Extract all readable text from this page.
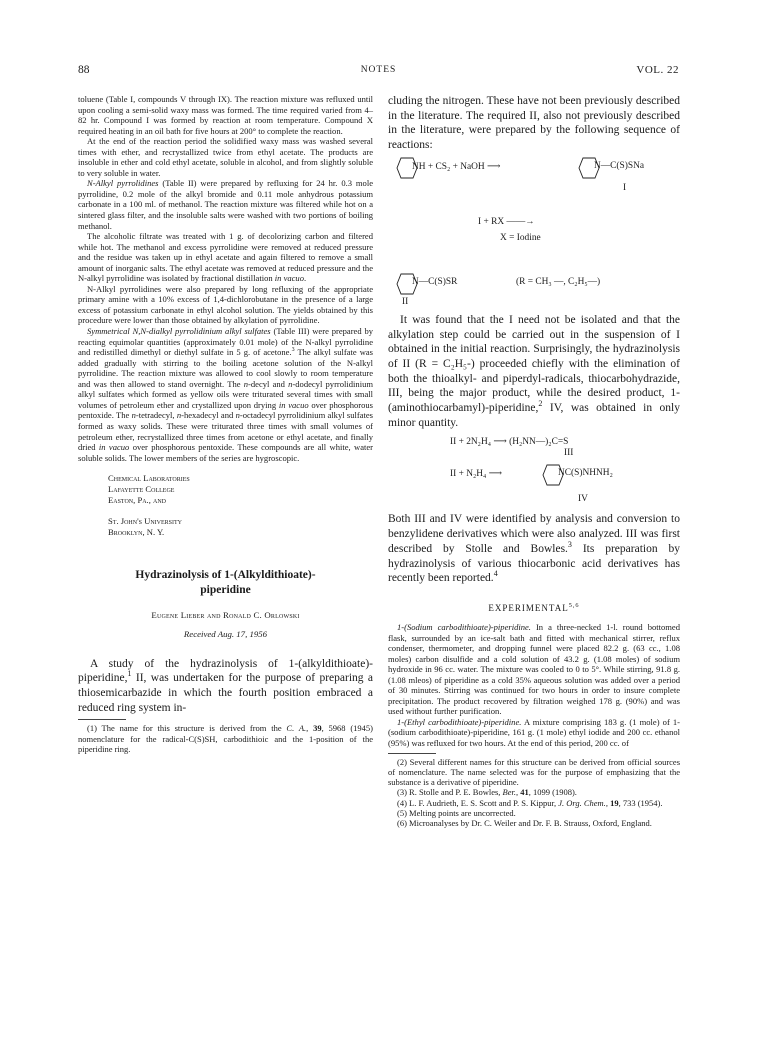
88	NOTES	VOL. 22

toluene (Table I, compounds V through IX). The reaction mixture was refluxed until upon cooling a semi-solid waxy mass was formed. The time required varied from 4–82 hr. Compound I was formed by reaction at room temperature. Compound X required heating in an oil bath for five hours at 200° to complete the reaction.

At the end of the reaction period the solidified waxy mass was washed several times with ether, and recrystallized twice from ethyl acetate. The products are insoluble in ether and cold ethyl acetate, soluble in alcohol, and from slightly soluble to very soluble in water.

N-Alkyl pyrrolidines (Table II) were prepared by refluxing for 24 hr. 0.3 mole pyrrolidine, 0.2 mole of the alkyl bromide and 0.11 mole anhydrous potassium carbonate in a 100 ml. of methanol. The reaction mixture was filtered while hot on a sintered glass filter, and the insoluble salts were washed with two portions of boiling methanol.

The alcoholic filtrate was treated with 1 g. of decolorizing carbon and filtered while hot. The methanol and excess pyrrolidine were removed at reduced pressure and the residue was taken up in ethyl acetate and again filtered to remove a small amount of inorganic salts. The ethyl acetate was removed at reduced pressure and the N-alkyl pyrrolidine was isolated by fractional distillation in vacuo.

N-Alkyl pyrrolidines were also prepared by long refluxing of the appropriate primary amine with a 10% excess of 1,4-dichlorobutane in the presence of a large excess of potassium carbonate in ethyl alcohol solution. The yields obtained by this procedure were lower than those obtained by alkylation of pyrrolidine.

Symmetrical N,N-dialkyl pyrrolidinium alkyl sulfates (Table III) were prepared by reacting equimolar quantities (approximately 0.01 mole) of the N-alkyl pyrrolidine and redistilled dimethyl or diethyl sulfate in 5 g. of acetone.$^3$ The alkyl sulfate was added gradually with stirring to the boiling acetone solution of the N-alkyl pyrrolidine. The reaction mixture was allowed to cool slowly to room temperature and was then allowed to stand overnight. The n-decyl and n-dodecyl pyrrolidinium alkyl sulfates which formed as yellow oils were triturated several times with small volumes of petroleum ether and crystallized upon drying in vacuo over phosphorous pentoxide. The n-tetradecyl, n-hexadecyl and n-octadecyl pyrrolidinium alkyl sulfates formed as waxy solids. These were triturated three times with small volumes of petroleum ether, recrystallized three times from acetone or ethyl acetate, and finally dried in vacuo over phosphorous pentoxide. These compounds are all white, water soluble solids. The lower members of the series are hygroscopic.

Chemical Laboratories
Lafayette College
Easton, Pa., and
St. John's University
Brooklyn, N. Y.
Hydrazinolysis of 1-(Alkyldithioate)-
piperidine
Eugene Lieber and Ronald C. Orlowski
Received Aug. 17, 1956

A study of the hydrazinolysis of 1-(alkyldithioate)-piperidine,$^1$ II, was undertaken for the purpose of preparing a thiosemicarbazide in which the fourth position embraced a reduced ring system in-

(1) The name for this structure is derived from the C. A., 39, 5968 (1945) nomenclature for the radical-C(S)SH, carbodithioic and the 1-position of the piperidine ring.

cluding the nitrogen. These have not been previously described in the literature. The required II, also not previously described in the literature, were prepared by the following sequence of reactions:

NH + CS₂ + NaOH ⟶	N—C(S)SNa
I
I + RX ——→
X = Iodine
N—C(S)SR	(R = CH₃ —, C₂H₅—)
II

It was found that the I need not be isolated and that the alkylation step could be carried out in the suspension of I obtained in the initial reaction. Surprisingly, the hydrazinolysis of II (R = C₂H₅-) proceeded chiefly with the elimination of both the thioalkyl- and piperdyl-radicals, thiocarbohydrazide, III, being the major product, while the desired product, 1-(aminothiocarbamyl)-piperidine,$^2$ IV, was obtained in only minor quantity.

II + 2N₂H₄ ⟶ (H₂NN—)₂C=S
III
II + N₂H₄ ⟶	NC(S)NHNH₂
IV

Both III and IV were identified by analysis and conversion to benzylidene derivatives which were also analyzed. III was first described by Stolle and Bowles.$^3$ Its preparation by hydrazinolysis of various thiocarbonic acid derivatives has recently been reported.$^4$

EXPERIMENTAL$^{5,6}$

1-(Sodium carbodithioate)-piperidine. In a three-necked 1-l. round bottomed flask, surrounded by an ice-salt bath and fitted with mechanical stirrer, reflux condenser, thermometer, and dropping funnel were placed 82.2 g. (63 cc., 1.08 moles) carbon disulfide and a cold solution of 43.2 g. (1.08 moles) of sodium hydroxide in 96 cc. water. The mixture was cooled to 0 to 5°. While stirring, 91.8 g. (1.08 mleos) of piperidine as a cold 35% aqueous solution was added over a period of 30 minutes. Stirring was continued for two hours in order to insure complete precipitation. The product recovered by filtration weighed 178 g. (90%) and was used without further purification.

1-(Ethyl carbodithioate)-piperidine. A mixture comprising 183 g. (1 mole) of 1-(sodium carbodithioate)-piperidine, 161 g. (1 mole) ethyl iodide and 200 cc. ethanol (95%) was refluxed for two hours. At the end of this period, 200 cc. of

(2) Several different names for this structure can be derived from official sources of nomenclature. The name selected was for the purpose of emphasizing that the substance is a derivative of piperidine.

(3) R. Stolle and P. E. Bowles, Ber., 41, 1099 (1908).

(4) L. F. Audrieth, E. S. Scott and P. S. Kippur, J. Org. Chem., 19, 733 (1954).

(5) Melting points are uncorrected.

(6) Microanalyses by Dr. C. Weiler and Dr. F. B. Strauss, Oxford, England.
